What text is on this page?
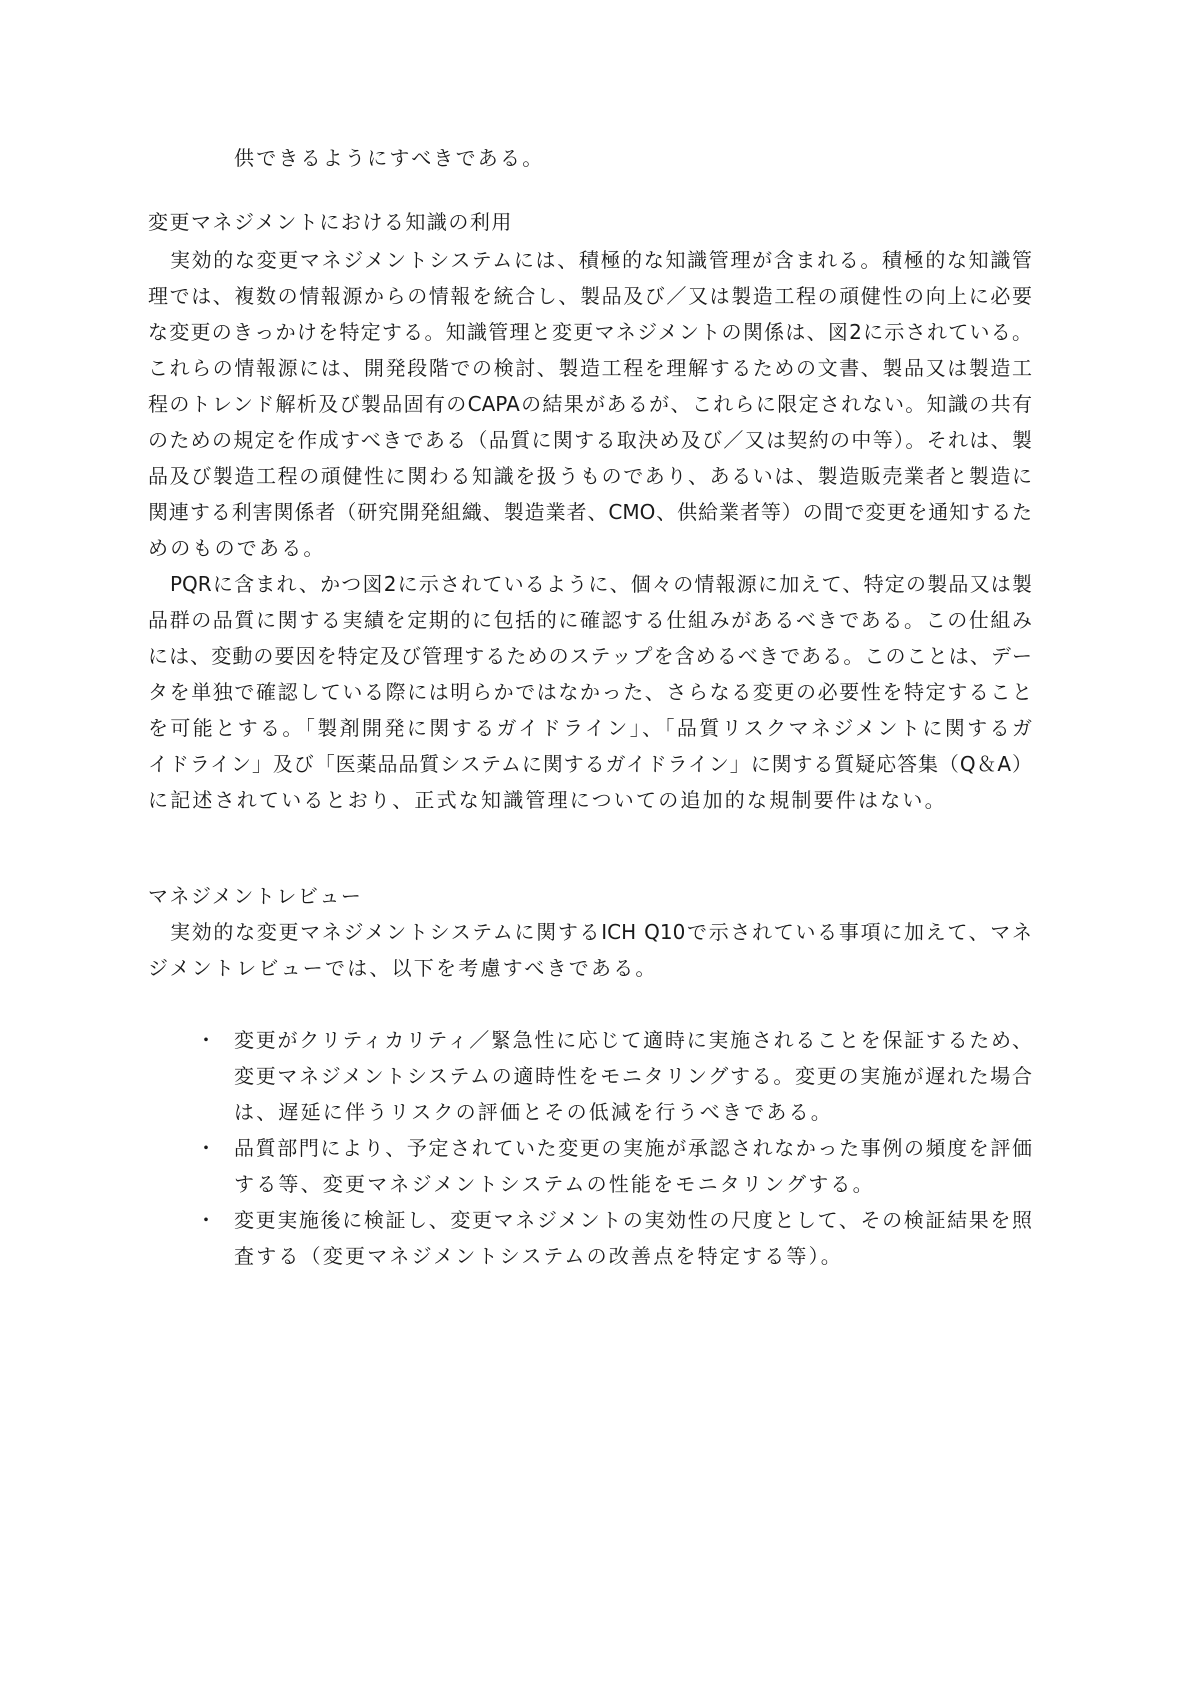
供できるようにすべきである。
変更マネジメントにおける知識の利用
実効的な変更マネジメントシステムには、積極的な知識管理が含まれる。積極的な知識管
理では、複数の情報源からの情報を統合し、製品及び／又は製造工程の頑健性の向上に必要
な変更のきっかけを特定する。知識管理と変更マネジメントの関係は、図2に示されている。
これらの情報源には、開発段階での検討、製造工程を理解するための文書、製品又は製造工
程のトレンド解析及び製品固有のCAPAの結果があるが、これらに限定されない。知識の共有
のための規定を作成すべきである（品質に関する取決め及び／又は契約の中等）。それは、製
品及び製造工程の頑健性に関わる知識を扱うものであり、あるいは、製造販売業者と製造に
関連する利害関係者（研究開発組織、製造業者、CMO、供給業者等）の間で変更を通知するた
めのものである。
PQRに含まれ、かつ図2に示されているように、個々の情報源に加えて、特定の製品又は製
品群の品質に関する実績を定期的に包括的に確認する仕組みがあるべきである。この仕組み
には、変動の要因を特定及び管理するためのステップを含めるべきである。このことは、デー
タを単独で確認している際には明らかではなかった、さらなる変更の必要性を特定すること
を可能とする。「製剤開発に関するガイドライン」、「品質リスクマネジメントに関するガ
イドライン」及び「医薬品品質システムに関するガイドライン」に関する質疑応答集（Q＆A）
に記述されているとおり、正式な知識管理についての追加的な規制要件はない。
マネジメントレビュー
実効的な変更マネジメントシステムに関するICH Q10で示されている事項に加えて、マネ
ジメントレビューでは、以下を考慮すべきである。
・ 変更がクリティカリティ／緊急性に応じて適時に実施されることを保証するため、
変更マネジメントシステムの適時性をモニタリングする。変更の実施が遅れた場合
は、遅延に伴うリスクの評価とその低減を行うべきである。
・ 品質部門により、予定されていた変更の実施が承認されなかった事例の頻度を評価
する等、変更マネジメントシステムの性能をモニタリングする。
・ 変更実施後に検証し、変更マネジメントの実効性の尺度として、その検証結果を照
査する（変更マネジメントシステムの改善点を特定する等）。
